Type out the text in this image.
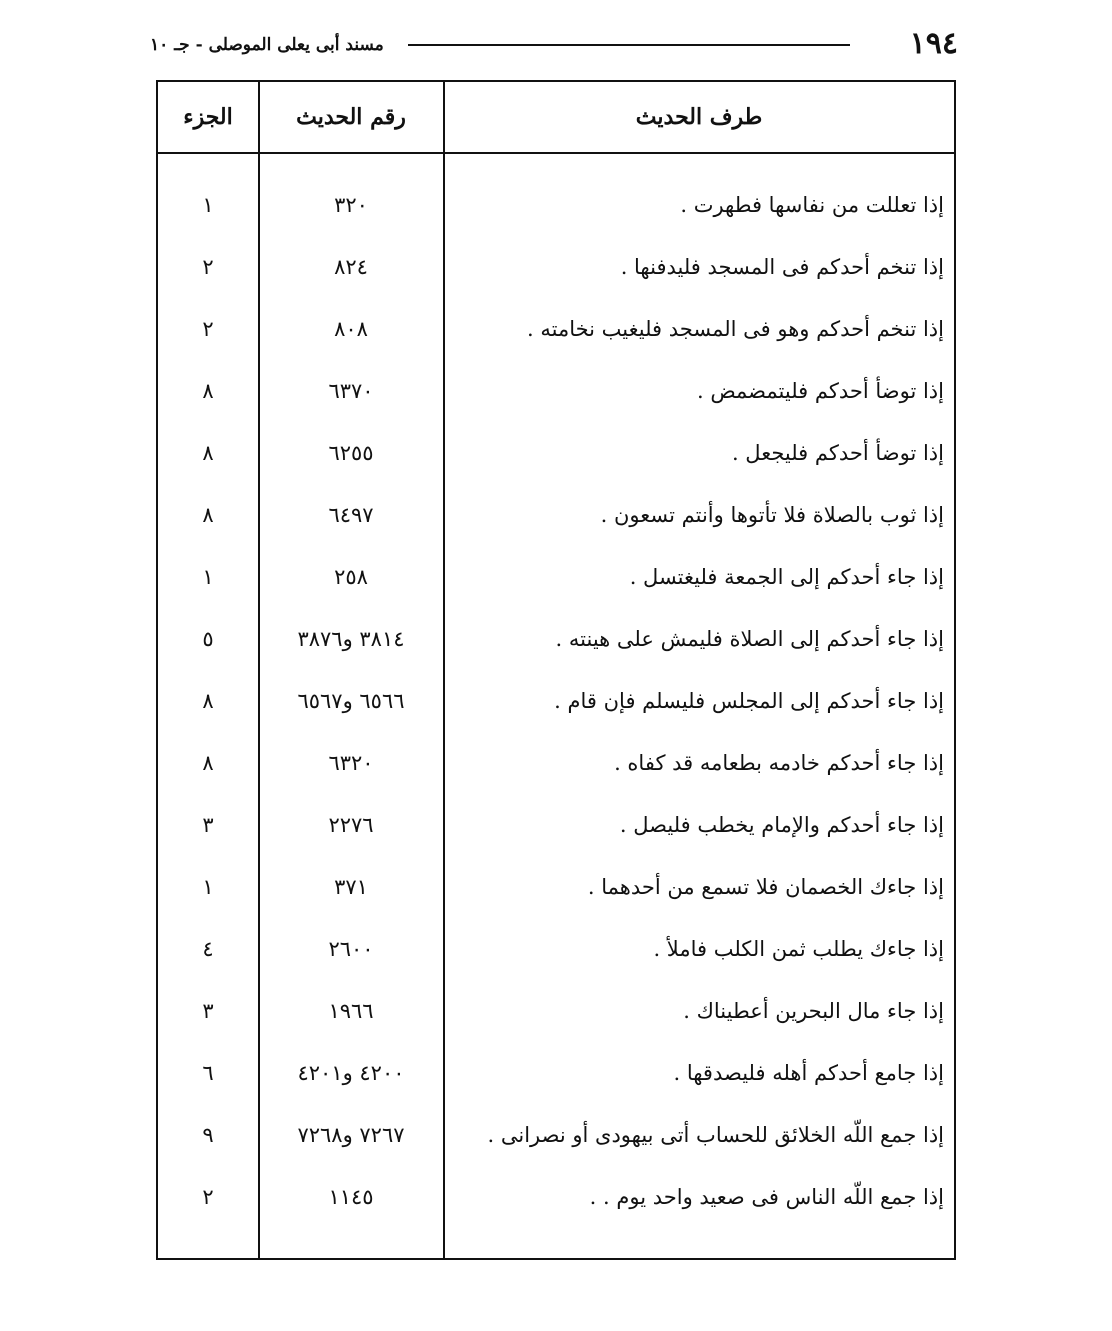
١٩٤
مسند أبى يعلى الموصلى - جـ ١٠
الجزء	رقم الحديث	طرف الحديث
١	٣٢٠	إذا تعللت من نفاسها فطهرت .
٢	٨٢٤	إذا تنخم أحدكم فى المسجد فليدفنها .
٢	٨٠٨	إذا تنخم أحدكم وهو فى المسجد فليغيب نخامته .
٨	٦٣٧٠	إذا توضأ أحدكم فليتمضمض .
٨	٦٢٥٥	إذا توضأ أحدكم فليجعل .
٨	٦٤٩٧	إذا ثوب بالصلاة فلا تأتوها وأنتم تسعون .
١	٢٥٨	إذا جاء أحدكم إلى الجمعة فليغتسل .
٥	٣٨١٤ و٣٨٧٦	إذا جاء أحدكم إلى الصلاة فليمش على هينته .
٨	٦٥٦٦ و٦٥٦٧	إذا جاء أحدكم إلى المجلس فليسلم فإن قام .
٨	٦٣٢٠	إذا جاء أحدكم خادمه بطعامه قد كفاه .
٣	٢٢٧٦	إذا جاء أحدكم والإمام يخطب فليصل .
١	٣٧١	إذا جاءك الخصمان فلا تسمع من أحدهما .
٤	٢٦٠٠	إذا جاءك يطلب ثمن الكلب فاملأ .
٣	١٩٦٦	إذا جاء مال البحرين أعطيناك .
٦	٤٢٠٠ و٤٢٠١	إذا جامع أحدكم أهله فليصدقها .
٩	٧٢٦٧ و٧٢٦٨	إذا جمع اللّه الخلائق للحساب أتى بيهودى أو نصرانى .
٢	١١٤٥	إذا جمع اللّه الناس فى صعيد واحد يوم . .
